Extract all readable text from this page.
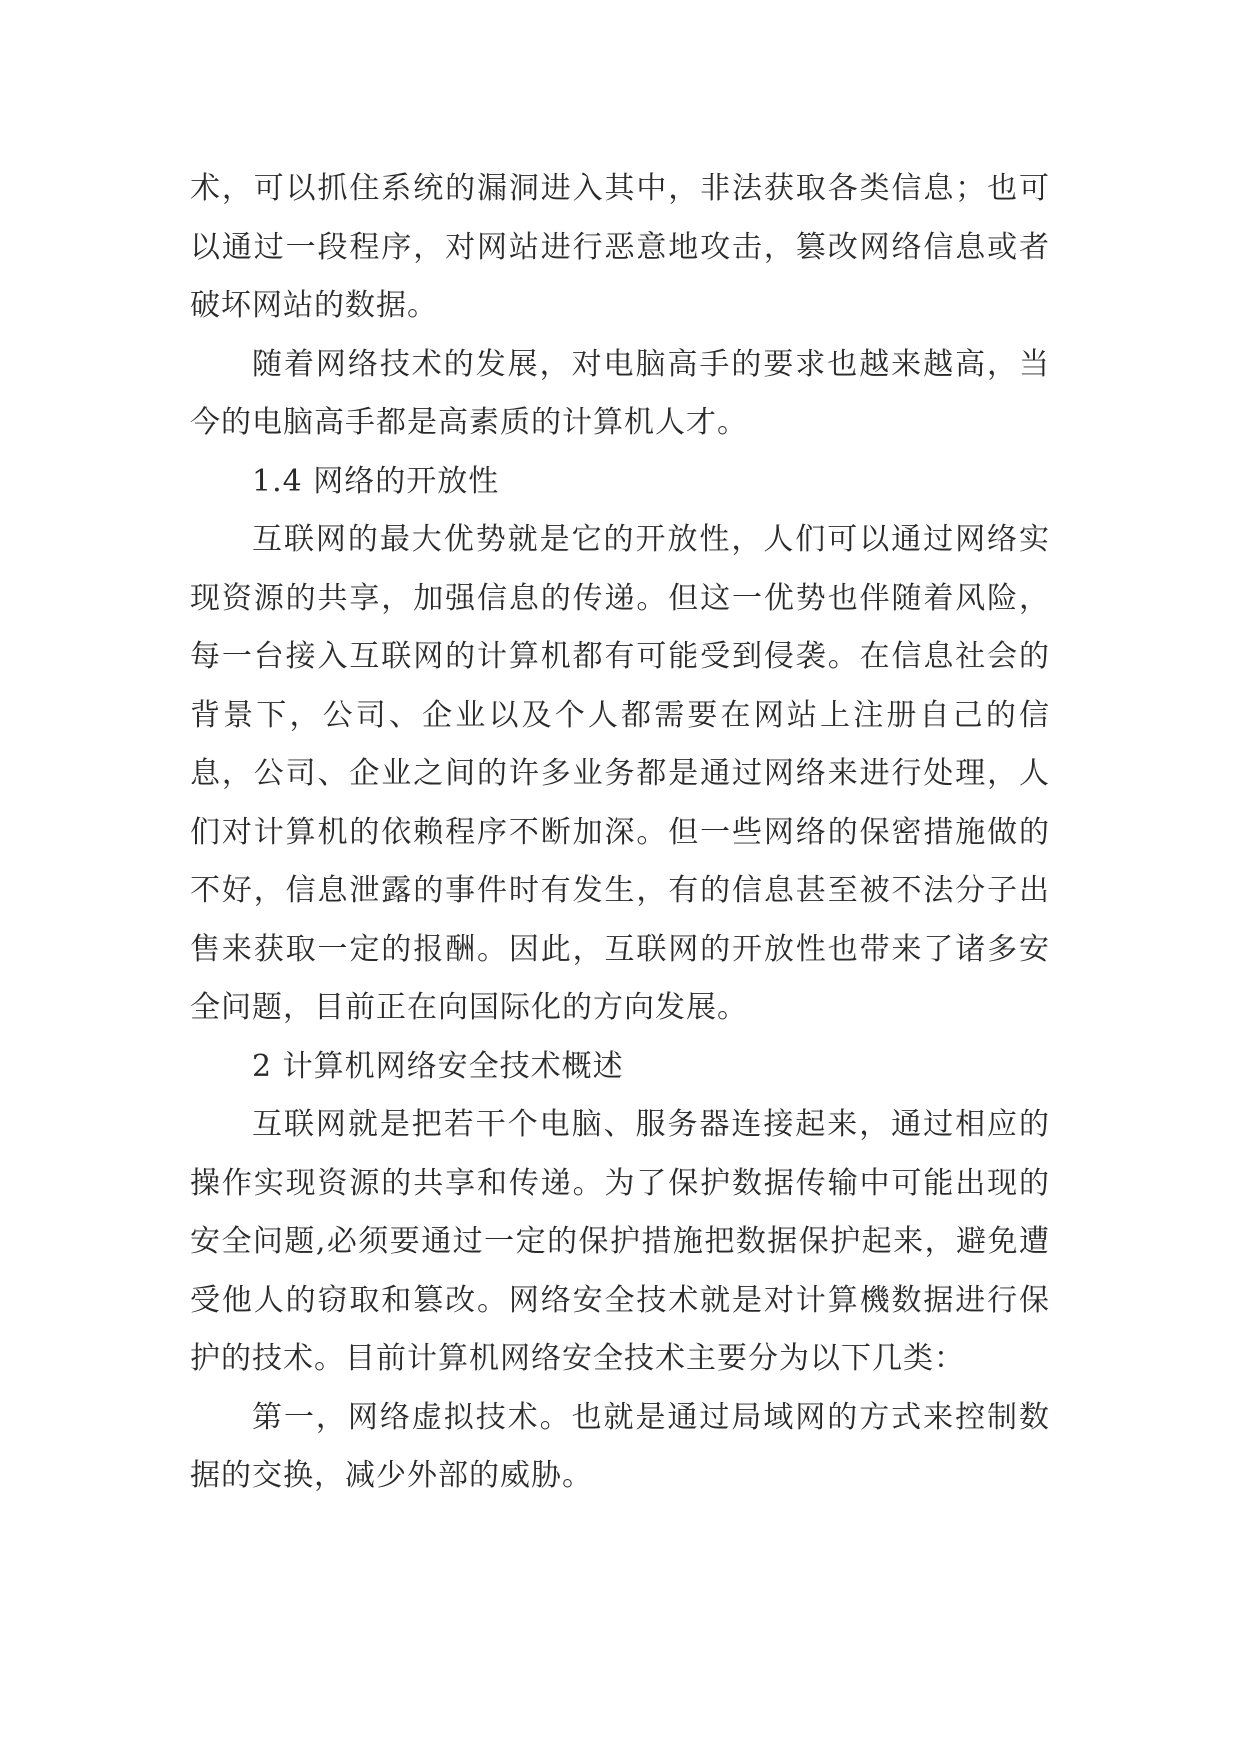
术，可以抓住系统的漏洞进入其中，非法获取各类信息；也可以通过一段程序，对网站进行恶意地攻击，篡改网络信息或者破坏网站的数据。

随着网络技术的发展，对电脑高手的要求也越来越高，当今的电脑高手都是高素质的计算机人才。

1.4 网络的开放性

互联网的最大优势就是它的开放性，人们可以通过网络实现资源的共享，加强信息的传递。但这一优势也伴随着风险，每一台接入互联网的计算机都有可能受到侵袭。在信息社会的背景下，公司、企业以及个人都需要在网站上注册自己的信息，公司、企业之间的许多业务都是通过网络来进行处理，人们对计算机的依赖程序不断加深。但一些网络的保密措施做的不好，信息泄露的事件时有发生，有的信息甚至被不法分子出售来获取一定的报酬。因此，互联网的开放性也带来了诸多安全问题，目前正在向国际化的方向发展。

2 计算机网络安全技术概述

互联网就是把若干个电脑、服务器连接起来，通过相应的操作实现资源的共享和传递。为了保护数据传输中可能出现的安全问题,必须要通过一定的保护措施把数据保护起来，避免遭受他人的窃取和篡改。网络安全技术就是对计算機数据进行保护的技术。目前计算机网络安全技术主要分为以下几类：

第一，网络虚拟技术。也就是通过局域网的方式来控制数据的交换，减少外部的威胁。
